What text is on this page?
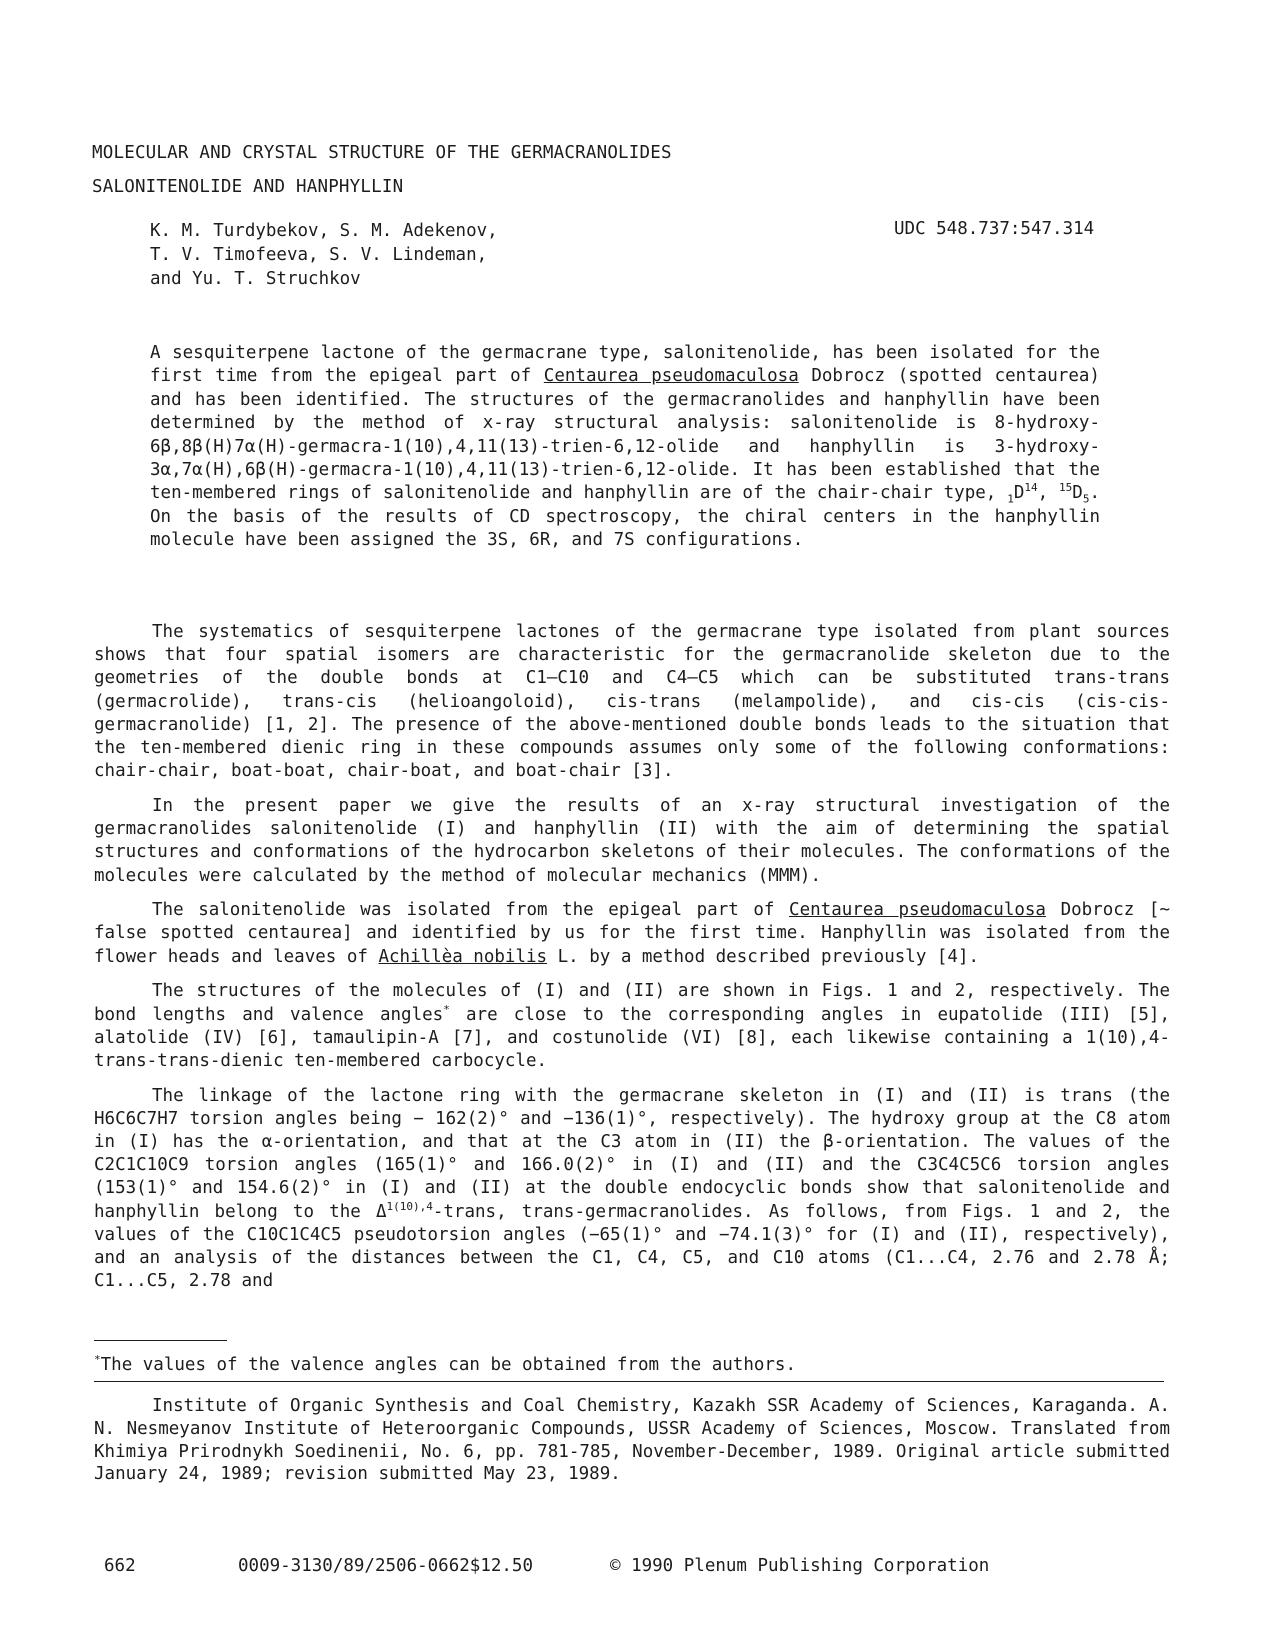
MOLECULAR AND CRYSTAL STRUCTURE OF THE GERMACRANOLIDES
SALONITENOLIDE AND HANPHYLLIN
K. M. Turdybekov, S. M. Adekenov,
T. V. Timofeeva, S. V. Lindeman,
and Yu. T. Struchkov
UDC 548.737:547.314

A sesquiterpene lactone of the germacrane type, salonitenolide, has been isolated for the first time from the epigeal part of Centaurea pseudomaculosa Dobrocz (spotted centaurea) and has been identified. The structures of the germacranolides and hanphyllin have been determined by the method of x-ray structural analysis: salonitenolide is 8-hydroxy-6β,8β(H)7α(H)-germacra-1(10),4,11(13)-trien-6,12-olide and hanphyllin is 3-hydroxy-3α,7α(H),6β(H)-germacra-1(10),4,11(13)-trien-6,12-olide. It has been established that the ten-membered rings of salonitenolide and hanphyllin are of the chair-chair type, $_1D^{14}$, $^{15}D_5$. On the basis of the results of CD spectroscopy, the chiral centers in the hanphyllin molecule have been assigned the 3S, 6R, and 7S configurations.

The systematics of sesquiterpene lactones of the germacrane type isolated from plant sources shows that four spatial isomers are characteristic for the germacranolide skeleton due to the geometries of the double bonds at C1—C10 and C4—C5 which can be substituted trans-trans (germacrolide), trans-cis (helioangoloid), cis-trans (melampolide), and cis-cis (cis-cis-germacranolide) [1, 2]. The presence of the above-mentioned double bonds leads to the situation that the ten-membered dienic ring in these compounds assumes only some of the following conformations: chair-chair, boat-boat, chair-boat, and boat-chair [3].

In the present paper we give the results of an x-ray structural investigation of the germacranolides salonitenolide (I) and hanphyllin (II) with the aim of determining the spatial structures and conformations of the hydrocarbon skeletons of their molecules. The conformations of the molecules were calculated by the method of molecular mechanics (MMM).

The salonitenolide was isolated from the epigeal part of Centaurea pseudomaculosa Dobrocz [~ false spotted centaurea] and identified by us for the first time. Hanphyllin was isolated from the flower heads and leaves of Achillèa nobilis L. by a method described previously [4].

The structures of the molecules of (I) and (II) are shown in Figs. 1 and 2, respectively. The bond lengths and valence angles* are close to the corresponding angles in eupatolide (III) [5], alatolide (IV) [6], tamaulipin-A [7], and costunolide (VI) [8], each likewise containing a 1(10),4-trans-trans-dienic ten-membered carbocycle.

The linkage of the lactone ring with the germacrane skeleton in (I) and (II) is trans (the H6C6C7H7 torsion angles being − 162(2)° and −136(1)°, respectively). The hydroxy group at the C8 atom in (I) has the α-orientation, and that at the C3 atom in (II) the β-orientation. The values of the C2C1C10C9 torsion angles (165(1)° and 166.0(2)° in (I) and (II) and the C3C4C5C6 torsion angles (153(1)° and 154.6(2)° in (I) and (II) at the double endocyclic bonds show that salonitenolide and hanphyllin belong to the $\Delta^{1(10),4}$-trans, trans-germacranolides. As follows, from Figs. 1 and 2, the values of the C10C1C4C5 pseudotorsion angles (−65(1)° and −74.1(3)° for (I) and (II), respectively), and an analysis of the distances between the C1, C4, C5, and C10 atoms (C1...C4, 2.76 and 2.78 Å; C1...C5, 2.78 and

*The values of the valence angles can be obtained from the authors.
Institute of Organic Synthesis and Coal Chemistry, Kazakh SSR Academy of Sciences, Karaganda. A. N. Nesmeyanov Institute of Heteroorganic Compounds, USSR Academy of Sciences, Moscow. Translated from Khimiya Prirodnykh Soedinenii, No. 6, pp. 781-785, November-December, 1989. Original article submitted January 24, 1989; revision submitted May 23, 1989.
662	0009-3130/89/2506-0662$12.50	© 1990 Plenum Publishing Corporation
